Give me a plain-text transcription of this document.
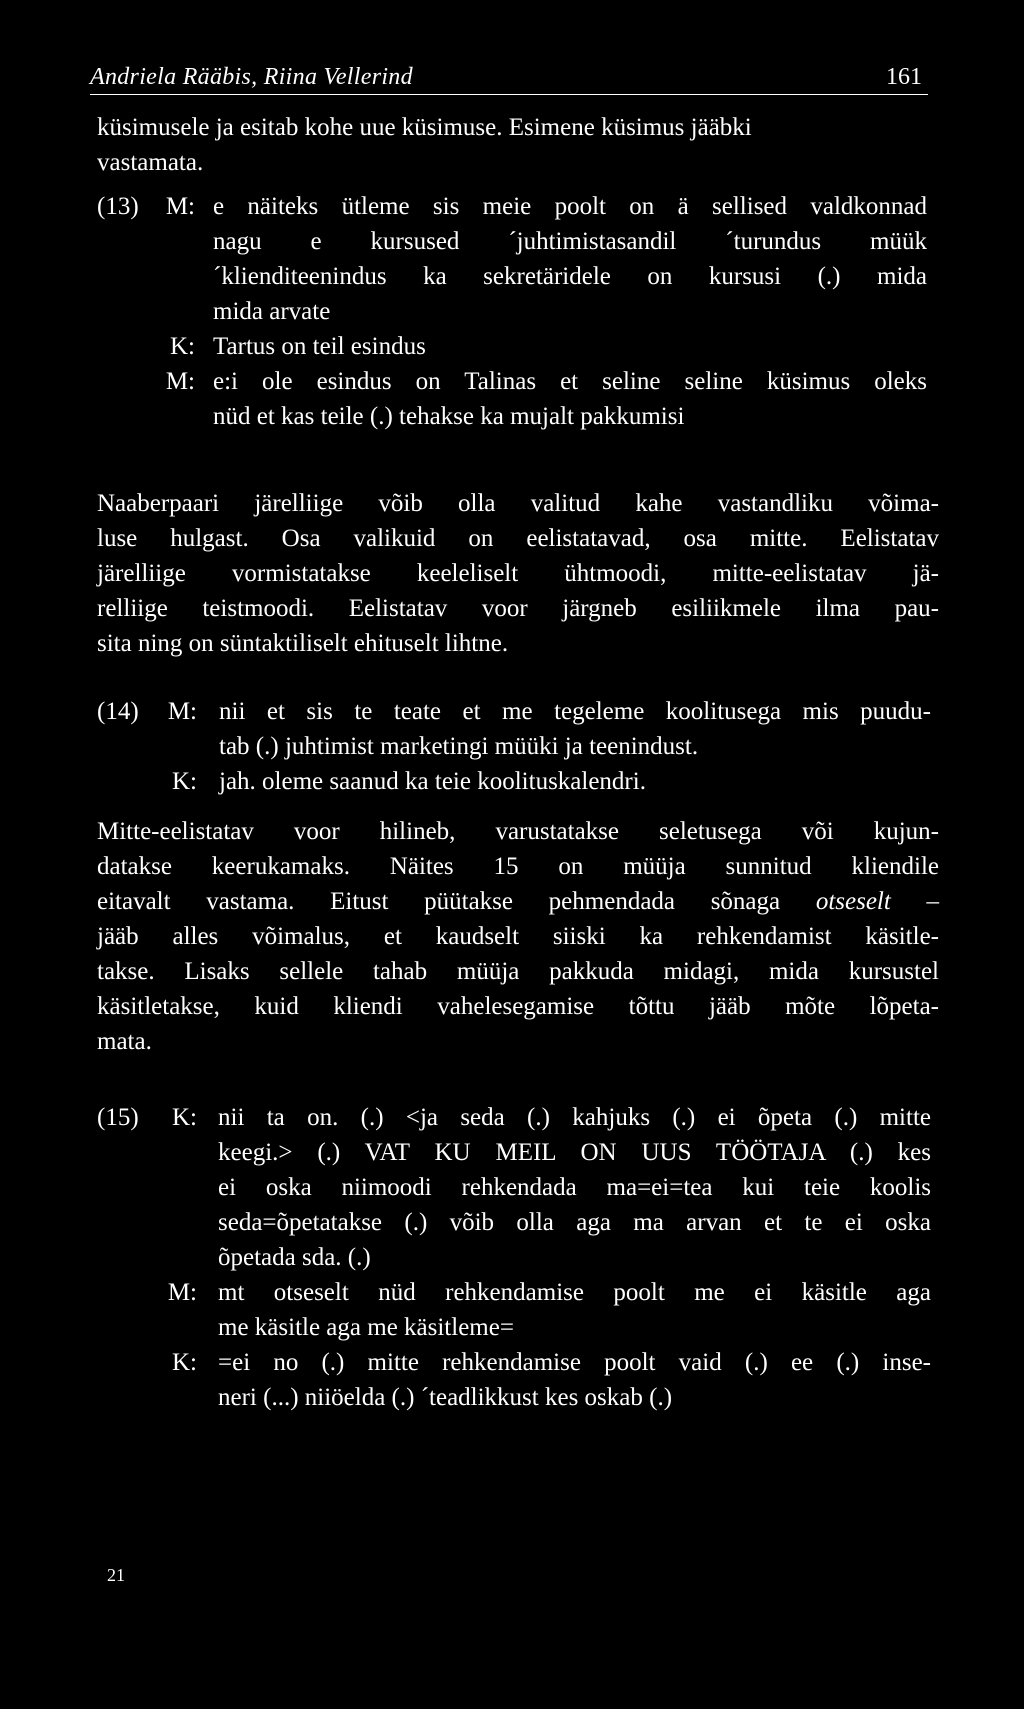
Andriela Rääbis, Riina Vellerind	161
küsimusele ja esitab kohe uue küsimuse. Esimene küsimus jääbki
vastamata.
(13)	M: e näiteks ütleme sis meie poolt on ä sellised valdkonnad
nagu e kursused ´juhtimistasandil ´turundus müük
´klienditeenindus ka sekretäridele on kursusi (.) mida
mida arvate
K: Tartus on teil esindus
M: e:i ole esindus on Talinas et seline seline küsimus oleks
nüd et kas teile (.) tehakse ka mujalt pakkumisi
Naaberpaari järelliige võib olla valitud kahe vastandliku võima-
luse hulgast. Osa valikuid on eelistatavad, osa mitte. Eelistatav
järelliige vormistatakse keeleliselt ühtmoodi, mitte-eelistatav jä-
relliige teistmoodi. Eelistatav voor järgneb esiliikmele ilma pau-
sita ning on süntaktiliselt ehituselt lihtne.
(14)	M: nii et sis te teate et me tegeleme koolitusega mis puudu-
tab (.) juhtimist marketingi müüki ja teenindust.
K: jah. oleme saanud ka teie koolituskalendri.
Mitte-eelistatav voor hilineb, varustatakse seletusega või kujun-
datakse keerukamaks. Näites 15 on müüja sunnitud kliendile
eitavalt vastama. Eitust püütakse pehmendada sõnaga otseselt –
jääb alles võimalus, et kaudselt siiski ka rehkendamist käsitle-
takse. Lisaks sellele tahab müüja pakkuda midagi, mida kursustel
käsitletakse, kuid kliendi vahelesegamise tõttu jääb mõte lõpeta-
mata.
(15)	K: nii ta on. (.) <ja seda (.) kahjuks (.) ei õpeta (.) mitte
keegi.> (.) VAT KU MEIL ON UUS TÖÖTAJA (.) kes
ei oska niimoodi rehkendada ma=ei=tea kui teie koolis
seda=õpetatakse (.) võib olla aga ma arvan et te ei oska
õpetada sda. (.)
M: mt otseselt nüd rehkendamise poolt me ei käsitle aga
me käsitle aga me käsitleme=
K: =ei no (.) mitte rehkendamise poolt vaid (.) ee (.) inse-
neri (...) niiöelda (.) ´teadlikkust kes oskab (.)
21
